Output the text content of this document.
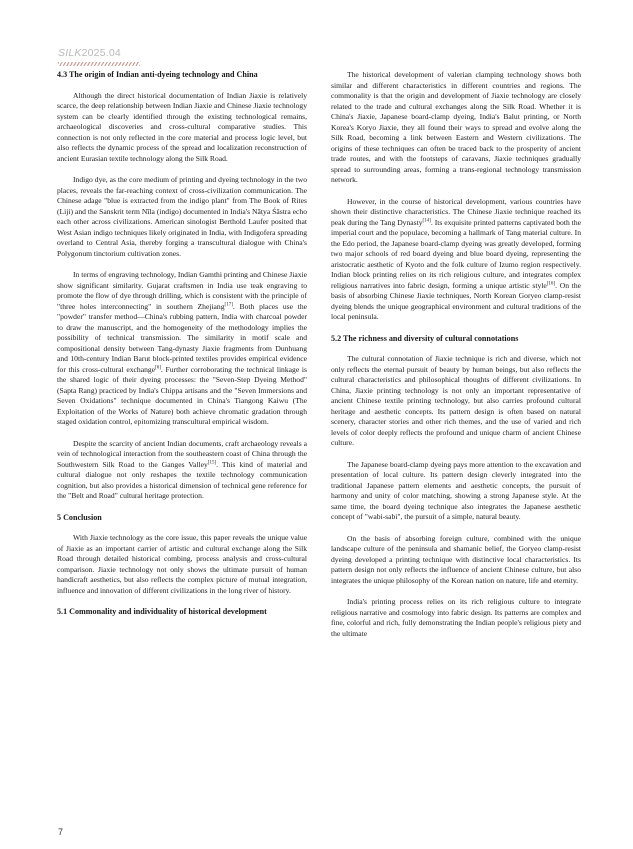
SILK2025.04
4.3 The origin of Indian anti-dyeing technology and China

Although the direct historical documentation of Indian Jiaxie is relatively scarce, the deep relationship between Indian Jiaxie and Chinese Jiaxie technology system can be clearly identified through the existing technological remains, archaeological discoveries and cross-cultural comparative studies. This connection is not only reflected in the core material and process logic level, but also reflects the dynamic process of the spread and localization reconstruction of ancient Eurasian textile technology along the Silk Road.

Indigo dye, as the core medium of printing and dyeing technology in the two places, reveals the far-reaching context of cross-civilization communication. The Chinese adage "blue is extracted from the indigo plant" from The Book of Rites (Liji) and the Sanskrit term Nīla (indigo) documented in India's Nāṭya Śāstra echo each other across civilizations. American sinologist Berthold Laufer posited that West Asian indigo techniques likely originated in India, with Indigofera spreading overland to Central Asia, thereby forging a transcultural dialogue with China's Polygonum tinctorium cultivation zones.

In terms of engraving technology, Indian Gamthi printing and Chinese Jiaxie show significant similarity. Gujarat craftsmen in India use teak engraving to promote the flow of dye through drilling, which is consistent with the principle of "three holes interconnecting" in southern Zhejiang[17]. Both places use the "powder" transfer method—China's rubbing pattern, India with charcoal powder to draw the manuscript, and the homogeneity of the methodology implies the possibility of technical transmission. The similarity in motif scale and compositional density between Tang-dynasty Jiaxie fragments from Dunhuang and 10th-century Indian Barut block-printed textiles provides empirical evidence for this cross-cultural exchange[6]. Further corroborating the technical linkage is the shared logic of their dyeing processes: the "Seven-Step Dyeing Method" (Sapta Rang) practiced by India's Chippa artisans and the "Seven Immersions and Seven Oxidations" technique documented in China's Tiangong Kaiwu (The Exploitation of the Works of Nature) both achieve chromatic gradation through staged oxidation control, epitomizing transcultural empirical wisdom.

Despite the scarcity of ancient Indian documents, craft archaeology reveals a vein of technological interaction from the southeastern coast of China through the Southwestern Silk Road to the Ganges Valley[15]. This kind of material and cultural dialogue not only reshapes the textile technology communication cognition, but also provides a historical dimension of technical gene reference for the "Belt and Road" cultural heritage protection.

5 Conclusion

With Jiaxie technology as the core issue, this paper reveals the unique value of Jiaxie as an important carrier of artistic and cultural exchange along the Silk Road through detailed historical combing, process analysis and cross-cultural comparison. Jiaxie technology not only shows the ultimate pursuit of human handicraft aesthetics, but also reflects the complex picture of mutual integration, influence and innovation of different civilizations in the long river of history.

5.1 Commonality and individuality of historical development

The historical development of valerian clamping technology shows both similar and different characteristics in different countries and regions. The commonality is that the origin and development of Jiaxie technology are closely related to the trade and cultural exchanges along the Silk Road. Whether it is China's Jiaxie, Japanese board-clamp dyeing, India's Balut printing, or North Korea's Koryo Jiaxie, they all found their ways to spread and evolve along the Silk Road, becoming a link between Eastern and Western civilizations. The origins of these techniques can often be traced back to the prosperity of ancient trade routes, and with the footsteps of caravans, Jiaxie techniques gradually spread to surrounding areas, forming a trans-regional technology transmission network.

However, in the course of historical development, various countries have shown their distinctive characteristics. The Chinese Jiaxie technique reached its peak during the Tang Dynasty[14]. Its exquisite printed patterns captivated both the imperial court and the populace, becoming a hallmark of Tang material culture. In the Edo period, the Japanese board-clamp dyeing was greatly developed, forming two major schools of red board dyeing and blue board dyeing, representing the aristocratic aesthetic of Kyoto and the folk culture of Izumo region respectively. Indian block printing relies on its rich religious culture, and integrates complex religious narratives into fabric design, forming a unique artistic style[16]. On the basis of absorbing Chinese Jiaxie techniques, North Korean Goryeo clamp-resist dyeing blends the unique geographical environment and cultural traditions of the local peninsula.

5.2 The richness and diversity of cultural connotations

The cultural connotation of Jiaxie technique is rich and diverse, which not only reflects the eternal pursuit of beauty by human beings, but also reflects the cultural characteristics and philosophical thoughts of different civilizations. In China, Jiaxie printing technology is not only an important representative of ancient Chinese textile printing technology, but also carries profound cultural heritage and aesthetic concepts. Its pattern design is often based on natural scenery, character stories and other rich themes, and the use of varied and rich levels of color deeply reflects the profound and unique charm of ancient Chinese culture.

The Japanese board-clamp dyeing pays more attention to the excavation and presentation of local culture. Its pattern design cleverly integrated into the traditional Japanese pattern elements and aesthetic concepts, the pursuit of harmony and unity of color matching, showing a strong Japanese style. At the same time, the board dyeing technique also integrates the Japanese aesthetic concept of "wabi-sabi", the pursuit of a simple, natural beauty.

On the basis of absorbing foreign culture, combined with the unique landscape culture of the peninsula and shamanic belief, the Goryeo clamp-resist dyeing developed a printing technique with distinctive local characteristics. Its pattern design not only reflects the influence of ancient Chinese culture, but also integrates the unique philosophy of the Korean nation on nature, life and eternity.

India's printing process relies on its rich religious culture to integrate religious narrative and cosmology into fabric design. Its patterns are complex and fine, colorful and rich, fully demonstrating the Indian people's religious piety and the ultimate

7
